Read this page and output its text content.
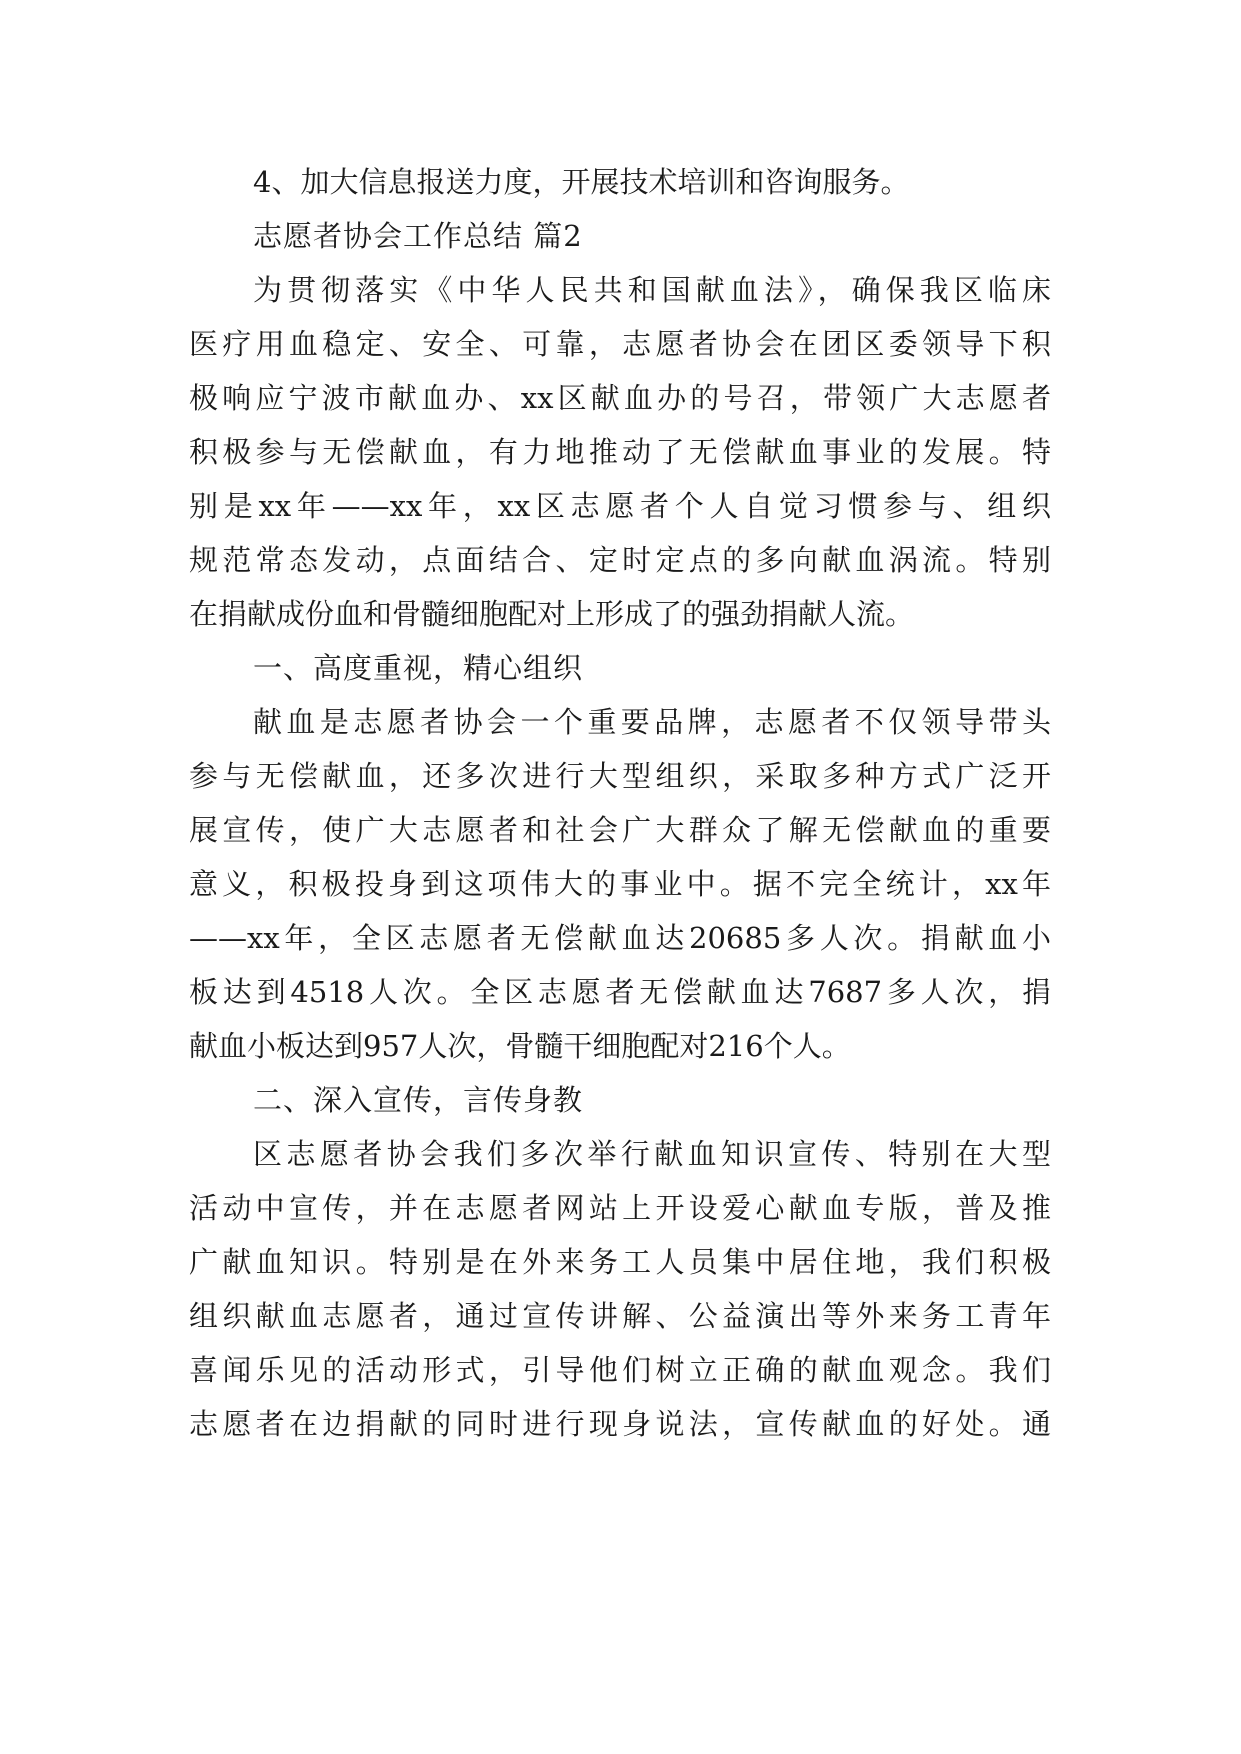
4、加大信息报送力度，开展技术培训和咨询服务。

志愿者协会工作总结 篇2

为贯彻落实《中华人民共和国献血法》，确保我区临床

医疗用血稳定、安全、可靠，志愿者协会在团区委领导下积

极响应宁波市献血办、xx区献血办的号召，带领广大志愿者

积极参与无偿献血，有力地推动了无偿献血事业的发展。特

别是xx年——xx年，xx区志愿者个人自觉习惯参与、组织

规范常态发动，点面结合、定时定点的多向献血涡流。特别

在捐献成份血和骨髓细胞配对上形成了的强劲捐献人流。

一、高度重视，精心组织

献血是志愿者协会一个重要品牌，志愿者不仅领导带头

参与无偿献血，还多次进行大型组织，采取多种方式广泛开

展宣传，使广大志愿者和社会广大群众了解无偿献血的重要

意义，积极投身到这项伟大的事业中。据不完全统计，xx年

——xx年，全区志愿者无偿献血达20685多人次。捐献血小

板达到4518人次。全区志愿者无偿献血达7687多人次，捐

献血小板达到957人次，骨髓干细胞配对216个人。

二、深入宣传，言传身教

区志愿者协会我们多次举行献血知识宣传、特别在大型

活动中宣传，并在志愿者网站上开设爱心献血专版，普及推

广献血知识。特别是在外来务工人员集中居住地，我们积极

组织献血志愿者，通过宣传讲解、公益演出等外来务工青年

喜闻乐见的活动形式，引导他们树立正确的献血观念。我们

志愿者在边捐献的同时进行现身说法，宣传献血的好处。通
